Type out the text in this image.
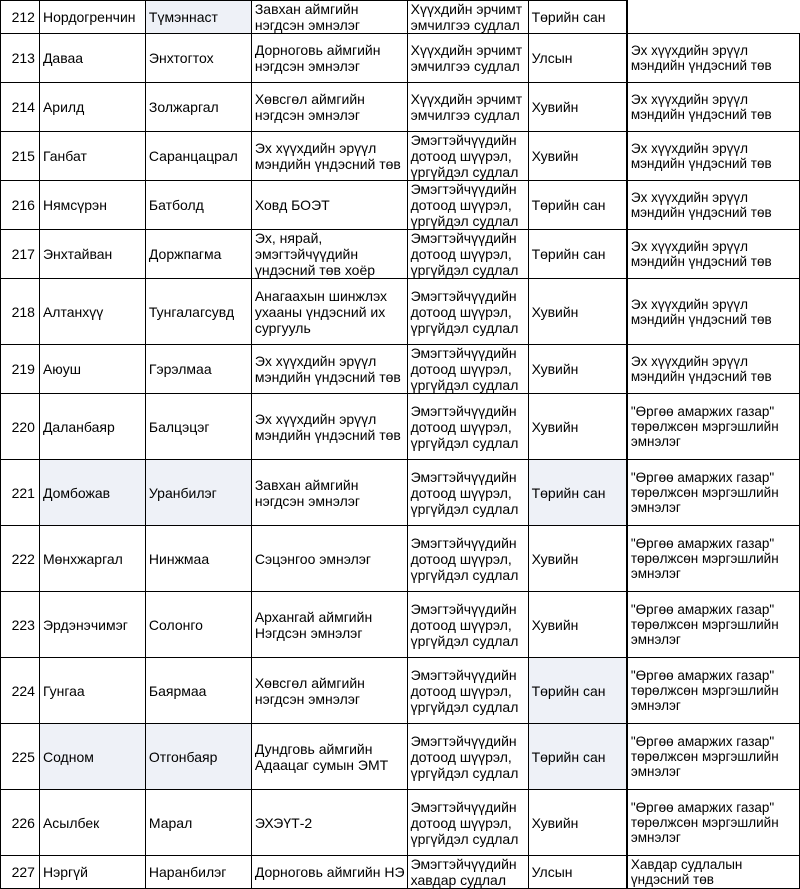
212	Нордогренчин	Түмэннаст	Завхан аймгийн нэгдсэн эмнэлэг	Хүүхдийн эрчимт эмчилгээ судлал	Төрийн сан	
213	Даваа	Энхтогтох	Дорноговь аймгийн нэгдсэн эмнэлэг	Хүүхдийн эрчимт эмчилгээ судлал	Улсын	Эх хүүхдийн эрүүл мэндийн үндэсний төв
214	Арилд	Золжаргал	Хөвсгөл аймгийн нэгдсэн эмнэлэг	Хүүхдийн эрчимт эмчилгээ судлал	Хувийн	Эх хүүхдийн эрүүл мэндийн үндэсний төв
215	Ганбат	Саранцацрал	Эх хүүхдийн эрүүл мэндийн үндэсний төв	Эмэгтэйчүүдийн дотоод шүүрэл, үргүйдэл судлал	Хувийн	Эх хүүхдийн эрүүл мэндийн үндэсний төв
216	Нямсүрэн	Батболд	Ховд БОЭТ	Эмэгтэйчүүдийн дотоод шүүрэл, үргүйдэл судлал	Төрийн сан	Эх хүүхдийн эрүүл мэндийн үндэсний төв
217	Энхтайван	Доржпагма	Эх, нярай, эмэгтэйчүүдийн үндэсний төв хоёр	Эмэгтэйчүүдийн дотоод шүүрэл, үргүйдэл судлал	Төрийн сан	Эх хүүхдийн эрүүл мэндийн үндэсний төв
218	Алтанхүү	Тунгалагсувд	Анагаахын шинжлэх ухааны үндэсний их сургууль	Эмэгтэйчүүдийн дотоод шүүрэл, үргүйдэл судлал	Хувийн	Эх хүүхдийн эрүүл мэндийн үндэсний төв
219	Аюуш	Гэрэлмаа	Эх хүүхдийн эрүүл мэндийн үндэсний төв	Эмэгтэйчүүдийн дотоод шүүрэл, үргүйдэл судлал	Хувийн	Эх хүүхдийн эрүүл мэндийн үндэсний төв
220	Даланбаяр	Балцэцэг	Эх хүүхдийн эрүүл мэндийн үндэсний төв	Эмэгтэйчүүдийн дотоод шүүрэл, үргүйдэл судлал	Хувийн	"Өргөө амаржих газар" төрөлжсөн мэргэшлийн эмнэлэг
221	Домбожав	Уранбилэг	Завхан аймгийн нэгдсэн эмнэлэг	Эмэгтэйчүүдийн дотоод шүүрэл, үргүйдэл судлал	Төрийн сан	"Өргөө амаржих газар" төрөлжсөн мэргэшлийн эмнэлэг
222	Мөнхжаргал	Нинжмаа	Сэцэнгоо эмнэлэг	Эмэгтэйчүүдийн дотоод шүүрэл, үргүйдэл судлал	Хувийн	"Өргөө амаржих газар" төрөлжсөн мэргэшлийн эмнэлэг
223	Эрдэнэчимэг	Солонго	Архангай аймгийн Нэгдсэн эмнэлэг	Эмэгтэйчүүдийн дотоод шүүрэл, үргүйдэл судлал	Хувийн	"Өргөө амаржих газар" төрөлжсөн мэргэшлийн эмнэлэг
224	Гунгаа	Баярмаа	Хөвсгөл аймгийн нэгдсэн эмнэлэг	Эмэгтэйчүүдийн дотоод шүүрэл, үргүйдэл судлал	Төрийн сан	"Өргөө амаржих газар" төрөлжсөн мэргэшлийн эмнэлэг
225	Содном	Отгонбаяр	Дундговь аймгийн Адаацаг сумын ЭМТ	Эмэгтэйчүүдийн дотоод шүүрэл, үргүйдэл судлал	Төрийн сан	"Өргөө амаржих газар" төрөлжсөн мэргэшлийн эмнэлэг
226	Асылбек	Марал	ЭХЭҮТ-2	Эмэгтэйчүүдийн дотоод шүүрэл, үргүйдэл судлал	Хувийн	"Өргөө амаржих газар" төрөлжсөн мэргэшлийн эмнэлэг
227	Нэргүй	Наранбилэг	Дорноговь аймгийн НЭ	Эмэгтэйчүүдийн хавдар судлал	Улсын	Хавдар судлалын үндэсний төв
